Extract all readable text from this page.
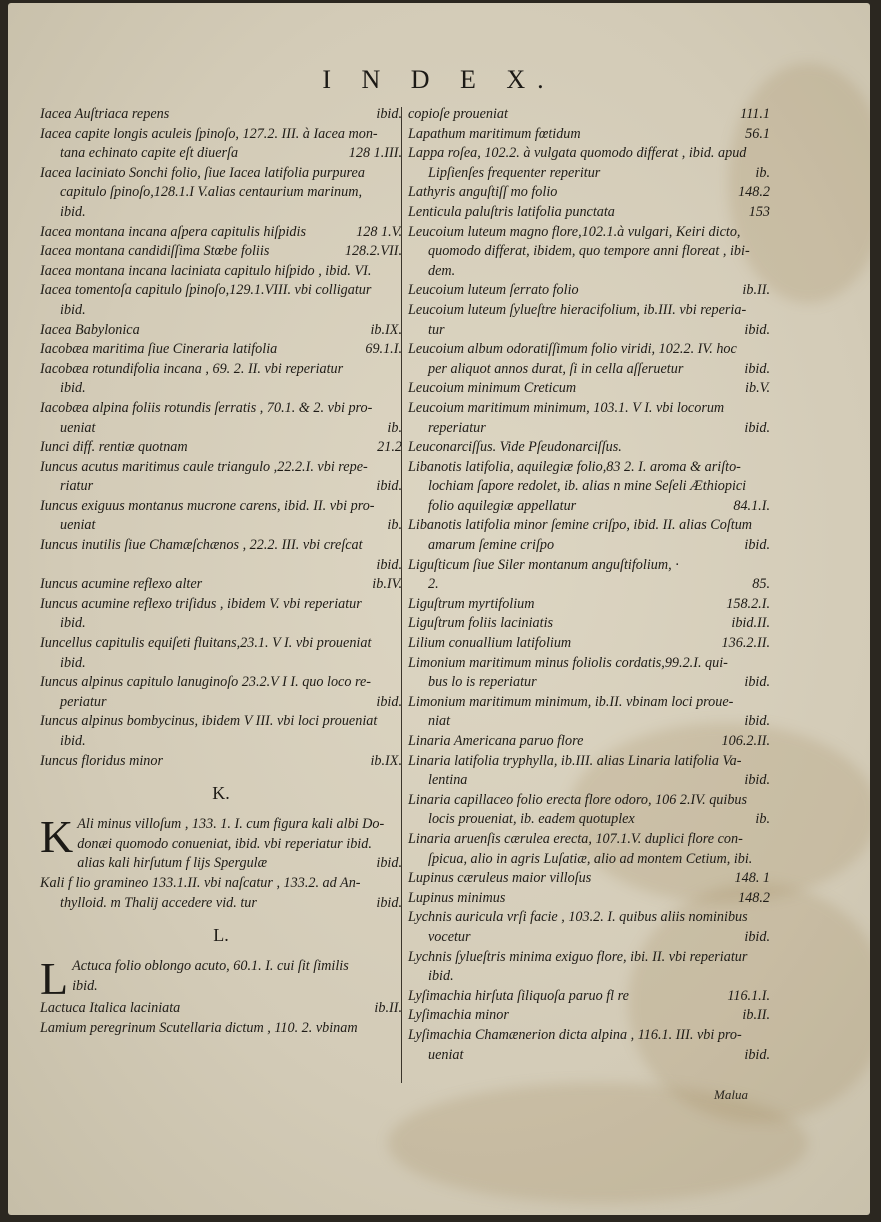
I N D E X.
ibid.
Iacea Auſtriaca repens
Iacea capite longis aculeis ſpinoſo, 127.2. III. à Iacea mon-
128 1.III.
tana echinato capite eſt diuerſa
Iacea laciniato Sonchi folio, ſiue Iacea latifolia purpurea
capitulo ſpinoſo,128.1.I V.alias centaurium marinum,
ibid.
128 1.V.
Iacea montana incana aſpera capitulis hiſpidis
128.2.VII.
Iacea montana candidiſſima Stœbe foliis
Iacea montana incana laciniata capitulo hiſpido , ibid. VI.
Iacea tomentoſa capitulo ſpinoſo,129.1.VIII. vbi colligatur
ibid.
ib.IX.
Iacea Babylonica
69.1.I.
Iacobæa maritima ſiue Cineraria latifolia
Iacobæa rotundifolia incana , 69. 2. II. vbi reperiatur
ibid.
Iacobæa alpina foliis rotundis ſerratis , 70.1. & 2. vbi pro-
ib.
ueniat
21.2
Iunci diff. rentiæ quotnam
Iuncus acutus maritimus caule triangulo ,22.2.I. vbi repe-
ibid.
riatur
Iuncus exiguus montanus mucrone carens, ibid. II. vbi pro-
ib.
ueniat
Iuncus inutilis ſiue Chamæſchænos , 22.2. III. vbi creſcat
ibid.

ib.IV.
Iuncus acumine reflexo alter
Iuncus acumine reflexo triſidus , ibidem V. vbi reperiatur
ibid.
Iuncellus capitulis equiſeti fluitans,23.1. V I. vbi proueniat
ibid.
Iuncus alpinus capitulo lanuginoſo 23.2.V I I. quo loco re-
ibid.
periatur
Iuncus alpinus bombycinus, ibidem V III. vbi loci proueniat
ibid.
ib.IX.
Iuncus floridus minor
K.
K Ali minus villoſum , 133. 1. I. cum figura kali albi Do-
donæi quomodo conueniat, ibid. vbi reperiatur ibid.
ibid.
alias kali hirſutum f lijs Spergulæ
Kali f lio gramineo 133.1.II. vbi naſcatur , 133.2. ad An-
ibid.
thylloid. m Thalij accedere vid. tur
L.
L Actuca folio oblongo acuto, 60.1. I. cui ſit ſimilis
ibid.
ib.II.
Lactuca Italica laciniata
Lamium peregrinum Scutellaria dictum , 110. 2. vbinam
111.1
copioſe proueniat
56.1
Lapathum maritimum fœtidum
Lappa roſea, 102.2. à vulgata quomodo differat , ibid. apud
ib.
Lipſienſes frequenter reperitur
148.2
Lathyris anguſtiſſ mo folio
153
Lenticula paluſtris latifolia punctata
Leucoium luteum magno flore,102.1.à vulgari, Keiri dicto,
quomodo differat, ibidem, quo tempore anni floreat , ibi-
dem.
ib.II.
Leucoium luteum ſerrato folio
Leucoium luteum ſylueſtre hieracifolium, ib.III. vbi reperia-
ibid.
tur
Leucoium album odoratiſſimum folio viridi, 102.2. IV. hoc
ibid.
per aliquot annos durat, ſi in cella aſſeruetur
ib.V.
Leucoium minimum Creticum
Leucoium maritimum minimum, 103.1. V I. vbi locorum
ibid.
reperiatur
Leuconarciſſus. Vide Pſeudonarciſſus.
Libanotis latifolia, aquilegiæ folio,83 2. I. aroma & ariſto-
lochiam ſapore redolet, ib. alias n mine Seſeli Æthiopici
84.1.I.
folio aquilegiæ appellatur
Libanotis latifolia minor ſemine criſpo, ibid. II. alias Coſtum
ibid.
amarum ſemine criſpo
Liguſticum ſiue Siler montanum anguſtifolium, ·
85.
2.
158.2.I.
Liguſtrum myrtifolium
ibid.II.
Liguſtrum foliis laciniatis
136.2.II.
Lilium conuallium latifolium
Limonium maritimum minus foliolis cordatis,99.2.I. qui-
ibid.
bus lo is reperiatur
Limonium maritimum minimum, ib.II. vbinam loci proue-
ibid.
niat
106.2.II.
Linaria Americana paruo flore
Linaria latifolia tryphylla, ib.III. alias Linaria latifolia Va-
ibid.
lentina
Linaria capillaceo folio erecta flore odoro, 106 2.IV. quibus
ib.
locis proueniat, ib. eadem quotuplex
Linaria aruenſis cærulea erecta, 107.1.V. duplici flore con-
ſpicua, alio in agris Luſatiæ, alio ad montem Cetium, ibi.
148. 1
Lupinus cæruleus maior villoſus
148.2
Lupinus minimus
Lychnis auricula vrſi facie , 103.2. I. quibus aliis nominibus
ibid.
vocetur
Lychnis ſylueſtris minima exiguo flore, ibi. II. vbi reperiatur
ibid.
116.1.I.
Lyſimachia hirſuta ſiliquoſa paruo fl re
ib.II.
Lyſimachia minor
Lyſimachia Chamænerion dicta alpina , 116.1. III. vbi pro-
ibid.
ueniat
Malua
